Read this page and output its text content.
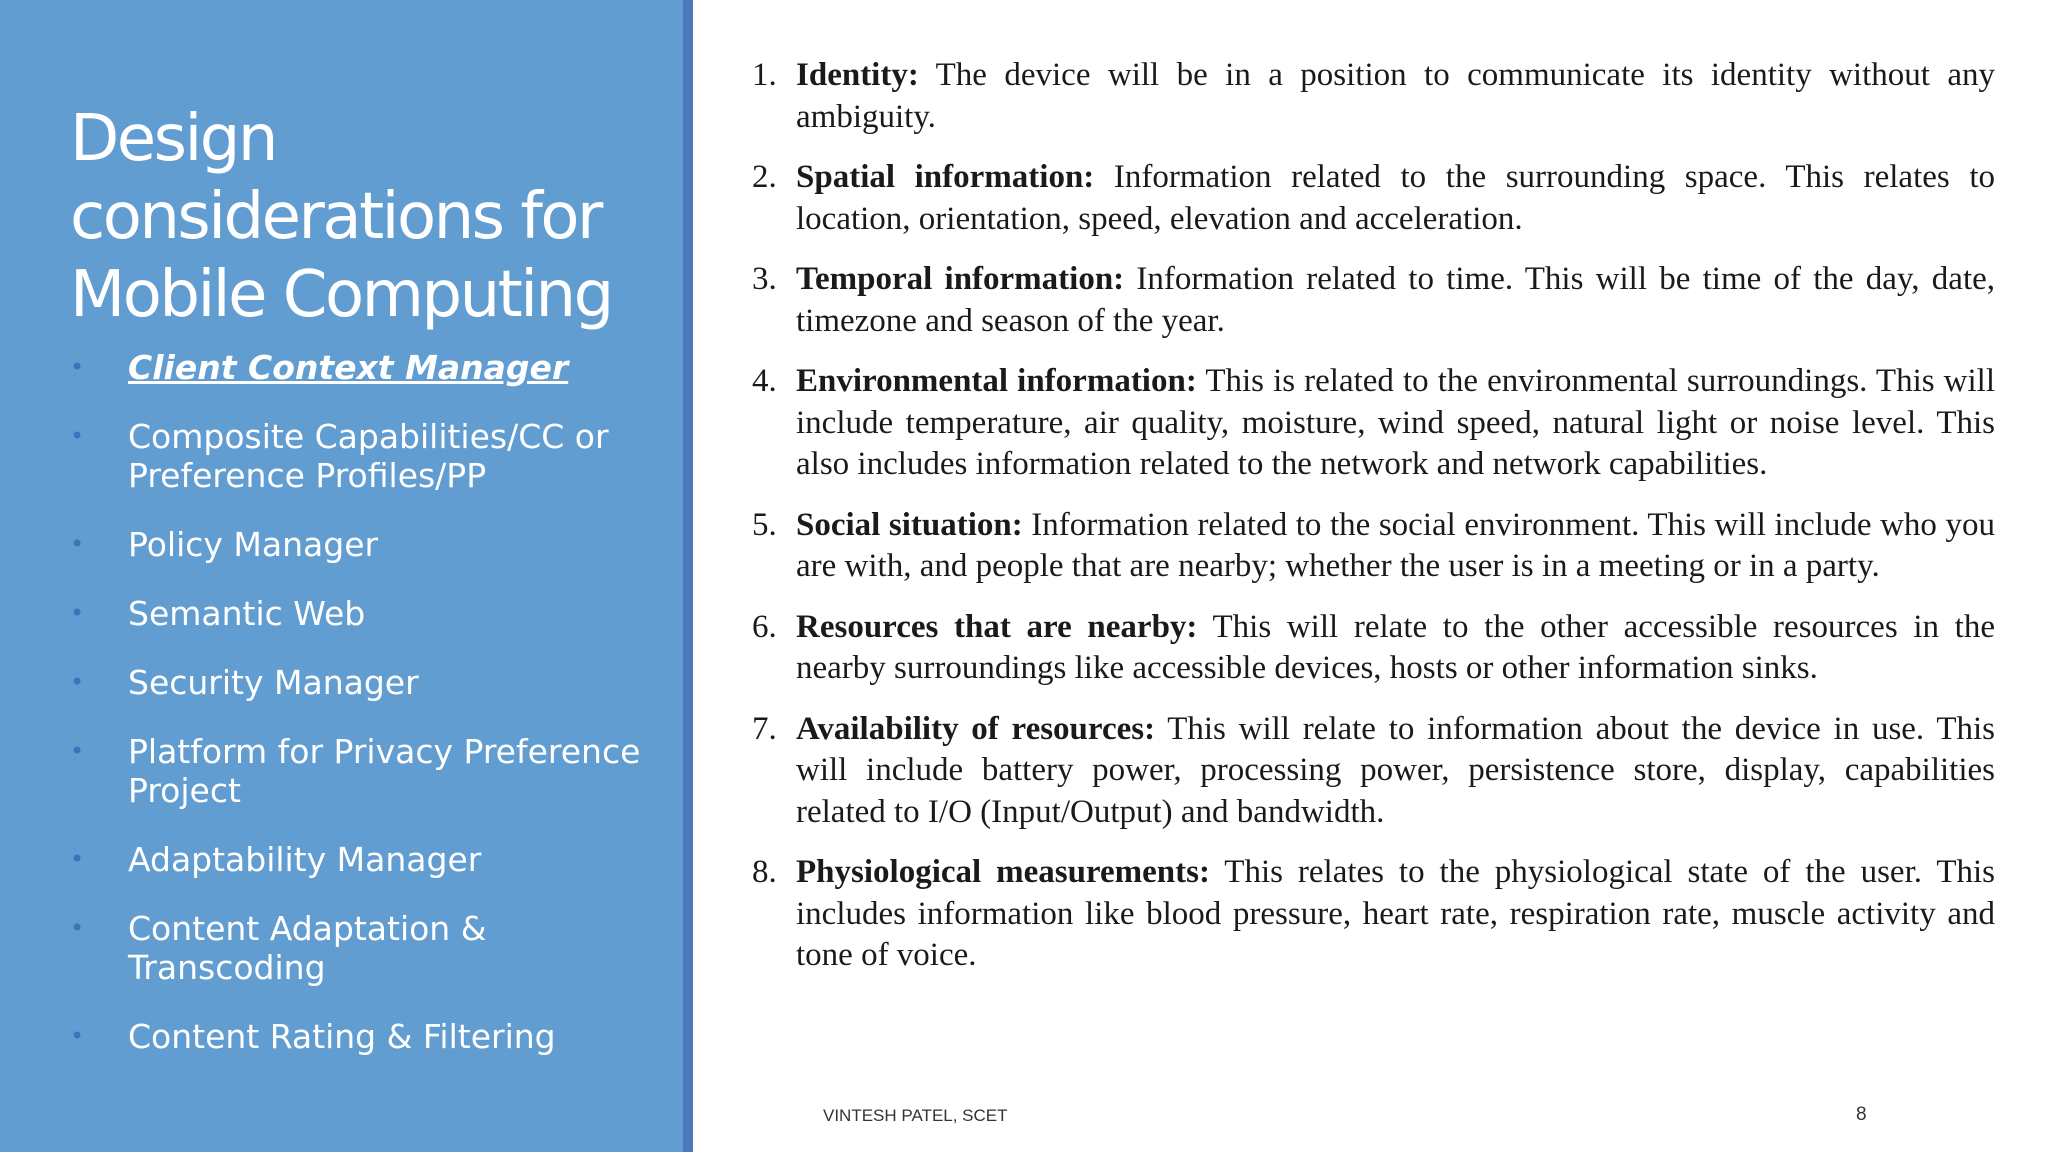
Design considerations for Mobile Computing
• Client Context Manager
• Composite Capabilities/CC or Preference Profiles/PP
• Policy Manager
• Semantic Web
• Security Manager
• Platform for Privacy Preference Project
• Adaptability Manager
• Content Adaptation & Transcoding
• Content Rating & Filtering
1. Identity: The device will be in a position to communicate its identity without any ambiguity.
2. Spatial information: Information related to the surrounding space. This relates to location, orientation, speed, elevation and acceleration.
3. Temporal information: Information related to time. This will be time of the day, date, timezone and season of the year.
4. Environmental information: This is related to the environmental surroundings. This will include temperature, air quality, moisture, wind speed, natural light or noise level. This also includes information related to the network and network capabilities.
5. Social situation: Information related to the social environment. This will include who you are with, and people that are nearby; whether the user is in a meeting or in a party.
6. Resources that are nearby: This will relate to the other accessible resources in the nearby surroundings like accessible devices, hosts or other information sinks.
7. Availability of resources: This will relate to information about the device in use. This will include battery power, processing power, persistence store, display, capabilities related to I/O (Input/Output) and bandwidth.
8. Physiological measurements: This relates to the physiological state of the user. This includes information like blood pressure, heart rate, respiration rate, muscle activity and tone of voice.
VINTESH PATEL, SCET	8
